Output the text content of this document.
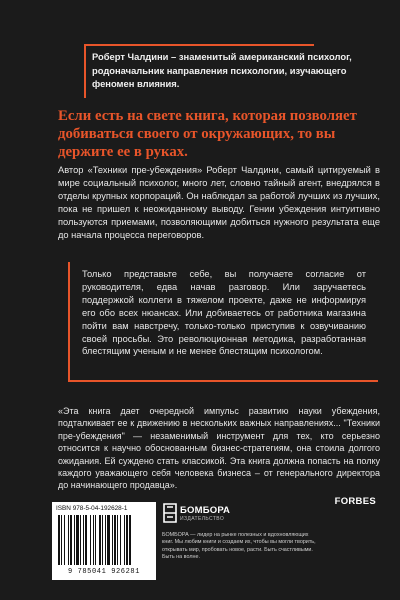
Роберт Чалдини – знаменитый американский психолог, родоначальник направления психологии, изучающего феномен влияния.
Если есть на свете книга, которая позволяет добиваться своего от окружающих, то вы держите ее в руках.
Автор «Техники пре-убеждения» Роберт Чалдини, самый цитируемый в мире социальный психолог, много лет, словно тайный агент, внедрялся в отделы крупных корпораций. Он наблюдал за работой лучших из лучших, пока не пришел к неожиданному выводу. Гении убеждения интуитивно пользуются приемами, позволяющими добиться нужного результата еще до начала процесса переговоров.
Только представьте себе, вы получаете согласие от руководителя, едва начав разговор. Или заручаетесь поддержкой коллеги в тяжелом проекте, даже не информируя его обо всех нюансах. Или добиваетесь от работника магазина пойти вам навстречу, только-только приступив к озвучиванию своей просьбы. Это революционная методика, разработанная блестящим ученым и не менее блестящим психологом.
«Эта книга дает очередной импульс развитию науки убеждения, подталкивает ее к движению в нескольких важных направлениях... "Техники пре-убеждения" — незаменимый инструмент для тех, кто серьезно относится к научно обоснованным бизнес-стратегиям, она стоила долгого ожидания. Ей суждено стать классикой. Эта книга должна попасть на полку каждого уважающего себя человека бизнеса – от генерального директора до начинающего продавца».
FORBES
ISBN 978-5-04-192628-1
9 785041 926281
БОМБОРА
ИЗДАТЕЛЬСТВО
БОМБОРА — лидер на рынке полезных и вдохновляющих книг. Мы любим книги и создаем их, чтобы вы могли творить, открывать мир, пробовать новое, расти. Быть счастливыми. Быть на волне.
